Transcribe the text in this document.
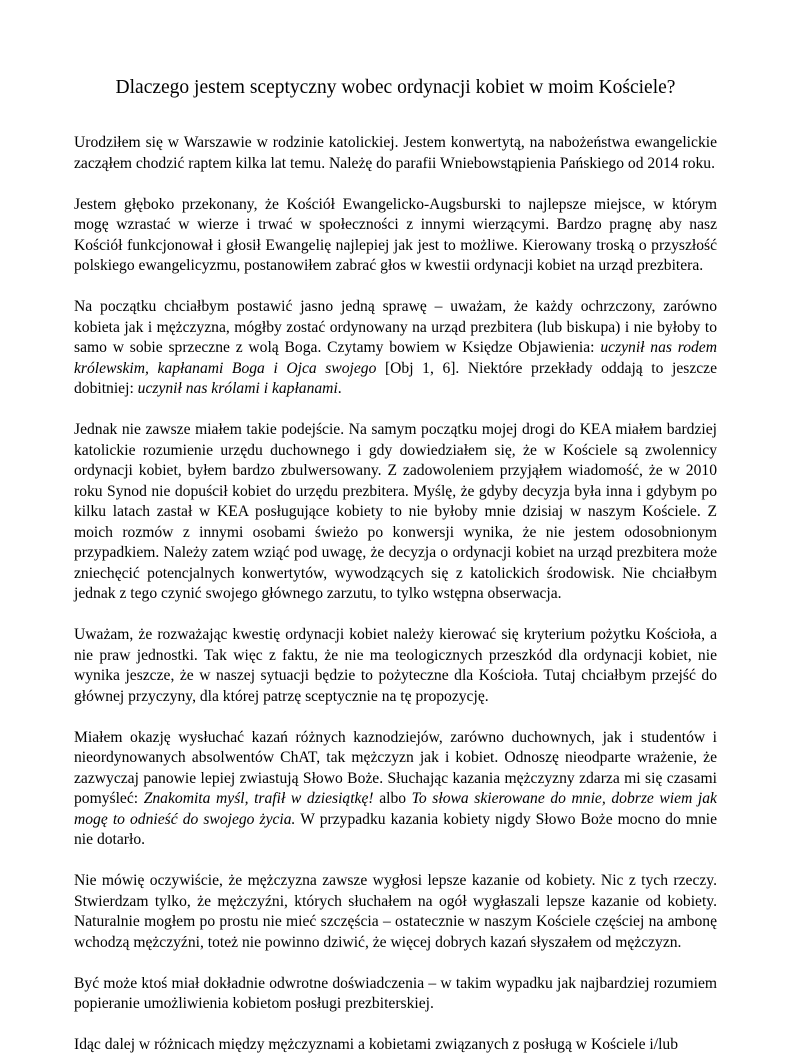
Dlaczego jestem sceptyczny wobec ordynacji kobiet w moim Kościele?

Urodziłem się w Warszawie w rodzinie katolickiej. Jestem konwertytą, na nabożeństwa ewangelickie zacząłem chodzić raptem kilka lat temu. Należę do parafii Wniebowstąpienia Pańskiego od 2014 roku.

Jestem głęboko przekonany, że Kościół Ewangelicko-Augsburski to najlepsze miejsce, w którym mogę wzrastać w wierze i trwać w społeczności z innymi wierzącymi. Bardzo pragnę aby nasz Kościół funkcjonował i głosił Ewangelię najlepiej jak jest to możliwe. Kierowany troską o przyszłość polskiego ewangelicyzmu, postanowiłem zabrać głos w kwestii ordynacji kobiet na urząd prezbitera.

Na początku chciałbym postawić jasno jedną sprawę – uważam, że każdy ochrzczony, zarówno kobieta jak i mężczyzna, mógłby zostać ordynowany na urząd prezbitera (lub biskupa) i nie byłoby to samo w sobie sprzeczne z wolą Boga. Czytamy bowiem w Księdze Objawienia: uczynił nas rodem królewskim, kapłanami Boga i Ojca swojego [Obj 1, 6]. Niektóre przekłady oddają to jeszcze dobitniej: uczynił nas królami i kapłanami.

Jednak nie zawsze miałem takie podejście. Na samym początku mojej drogi do KEA miałem bardziej katolickie rozumienie urzędu duchownego i gdy dowiedziałem się, że w Kościele są zwolennicy ordynacji kobiet, byłem bardzo zbulwersowany. Z zadowoleniem przyjąłem wiadomość, że w 2010 roku Synod nie dopuścił kobiet do urzędu prezbitera. Myślę, że gdyby decyzja była inna i gdybym po kilku latach zastał w KEA posługujące kobiety to nie byłoby mnie dzisiaj w naszym Kościele. Z moich rozmów z innymi osobami świeżo po konwersji wynika, że nie jestem odosobnionym przypadkiem. Należy zatem wziąć pod uwagę, że decyzja o ordynacji kobiet na urząd prezbitera może zniechęcić potencjalnych konwertytów, wywodzących się z katolickich środowisk. Nie chciałbym jednak z tego czynić swojego głównego zarzutu, to tylko wstępna obserwacja.

Uważam, że rozważając kwestię ordynacji kobiet należy kierować się kryterium pożytku Kościoła, a nie praw jednostki. Tak więc z faktu, że nie ma teologicznych przeszkód dla ordynacji kobiet, nie wynika jeszcze, że w naszej sytuacji będzie to pożyteczne dla Kościoła. Tutaj chciałbym przejść do głównej przyczyny, dla której patrzę sceptycznie na tę propozycję.

Miałem okazję wysłuchać kazań różnych kaznodziejów, zarówno duchownych, jak i studentów i nieordynowanych absolwentów ChAT, tak mężczyzn jak i kobiet. Odnoszę nieodparte wrażenie, że zazwyczaj panowie lepiej zwiastują Słowo Boże. Słuchając kazania mężczyzny zdarza mi się czasami pomyśleć: Znakomita myśl, trafił w dziesiątkę! albo To słowa skierowane do mnie, dobrze wiem jak mogę to odnieść do swojego życia. W przypadku kazania kobiety nigdy Słowo Boże mocno do mnie nie dotarło.

Nie mówię oczywiście, że mężczyzna zawsze wygłosi lepsze kazanie od kobiety. Nic z tych rzeczy. Stwierdzam tylko, że mężczyźni, których słuchałem na ogół wygłaszali lepsze kazanie od kobiety. Naturalnie mogłem po prostu nie mieć szczęścia – ostatecznie w naszym Kościele częściej na ambonę wchodzą mężczyźni, toteż nie powinno dziwić, że więcej dobrych kazań słyszałem od mężczyzn.

Być może ktoś miał dokładnie odwrotne doświadczenia – w takim wypadku jak najbardziej rozumiem popieranie umożliwienia kobietom posługi prezbiterskiej.

Idąc dalej w różnicach między mężczyznami a kobietami związanych z posługą w Kościele i/lub
